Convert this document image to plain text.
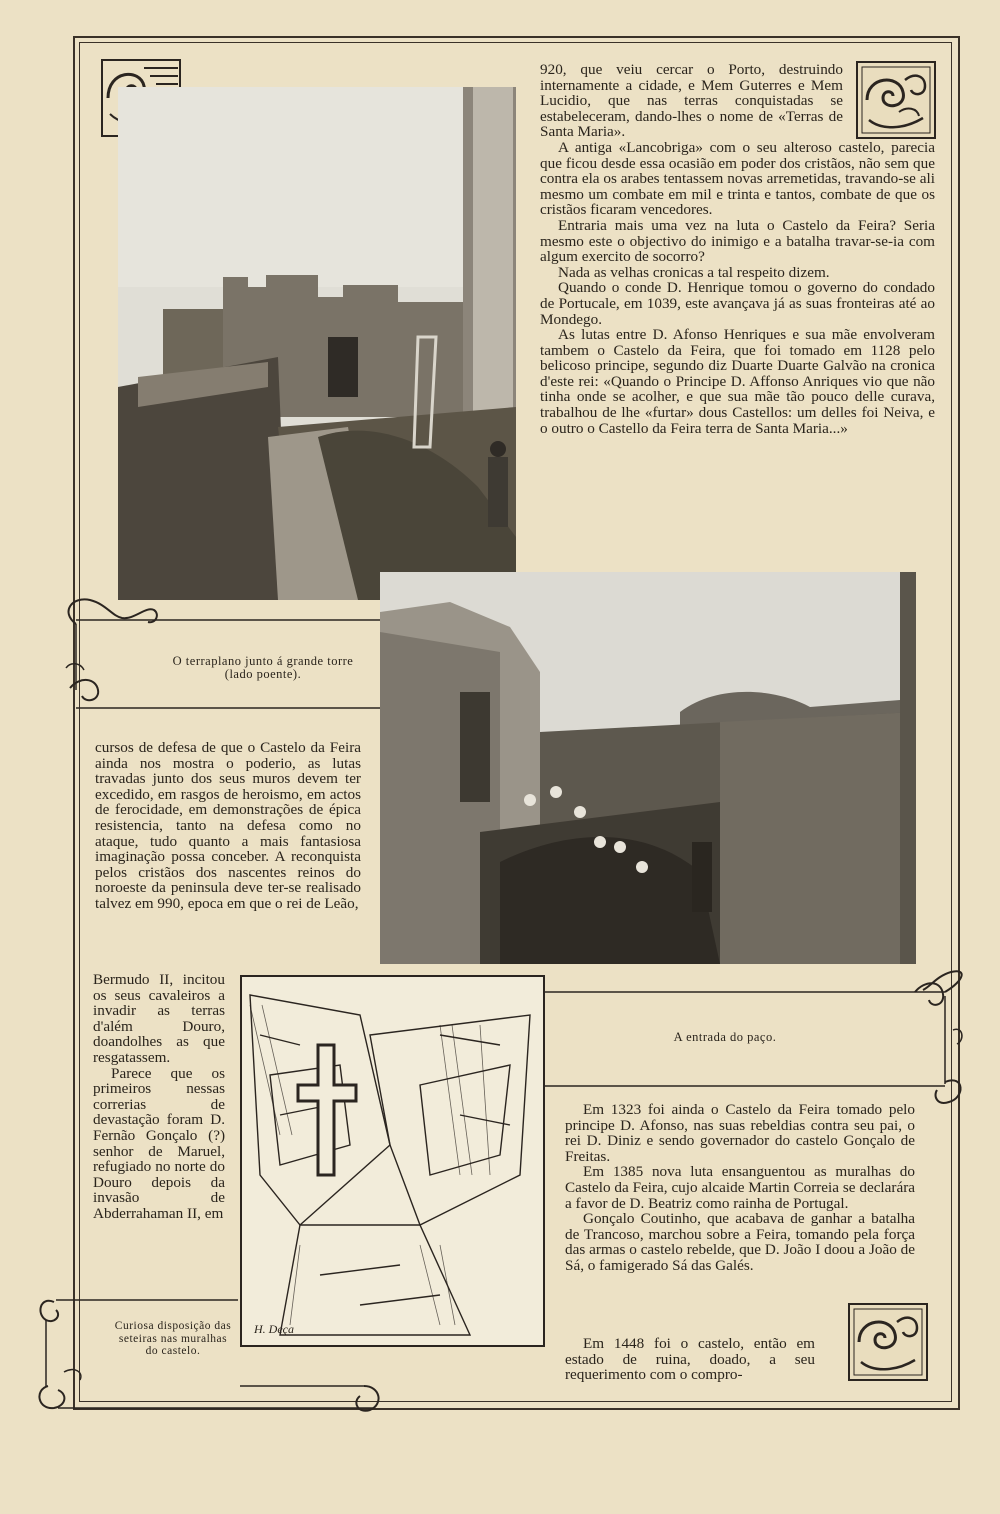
920, que veiu cercar o Porto, destruindo internamente a cidade, e Mem Guterres e Mem Lucidio, que nas terras conquistadas se estabeleceram, dando-lhes o nome de «Terras de Santa Maria».

A antiga «Lancobriga» com o seu alteroso castelo, parecia que ficou desde essa ocasião em poder dos cristãos, não sem que contra ela os arabes tentassem novas arremetidas, travando-se ali mesmo um combate em mil e trinta e tantos, combate de que os cristãos ficaram vencedores.

Entraria mais uma vez na luta o Castelo da Feira? Seria mesmo este o objectivo do inimigo e a batalha travar-se-ia com algum exercito de socorro?

Nada as velhas cronicas a tal respeito dizem.

Quando o conde D. Henrique tomou o governo do condado de Portucale, em 1039, este avançava já as suas fronteiras até ao Mondego.

As lutas entre D. Afonso Henriques e sua mãe envolveram tambem o Castelo da Feira, que foi tomado em 1128 pelo belicoso principe, segundo diz Duarte Duarte Galvão na cronica d'este rei: «Quando o Principe D. Affonso Anriques vio que não tinha onde se acolher, e que sua mãe tão pouco delle curava, trabalhou de lhe «furtar» dous Castellos: um delles foi Neiva, e o outro o Castello da Feira terra de Santa Maria...»

O terraplano junto á grande torre (lado poente).

cursos de defesa de que o Castelo da Feira ainda nos mostra o poderio, as lutas travadas junto dos seus muros devem ter excedido, em rasgos de heroismo, em actos de ferocidade, em demonstrações de épica resistencia, tanto na defesa como no ataque, tudo quanto a mais fantasiosa imaginação possa conceber. A reconquista pelos cristãos dos nascentes reinos do noroeste da peninsula deve ter-se realisado talvez em 990, epoca em que o rei de Leão,

Bermudo II, incitou os seus cavaleiros a invadir as terras d'além Douro, doandolhes as que resgatassem.

Parece que os primeiros nessas correrias de devastação foram D. Fernão Gonçalo (?) senhor de Maruel, refugiado no norte do Douro depois da invasão de Abderrahaman II, em

H. Deça
A entrada do paço.

Em 1323 foi ainda o Castelo da Feira tomado pelo principe D. Afonso, nas suas rebeldias contra seu pai, o rei D. Diniz e sendo governador do castelo Gonçalo de Freitas.

Em 1385 nova luta ensanguentou as muralhas do Castelo da Feira, cujo alcaide Martin Correia se declarára a favor de D. Beatriz como rainha de Portugal.

Gonçalo Coutinho, que acabava de ganhar a batalha de Trancoso, marchou sobre a Feira, tomando pela força das armas o castelo rebelde, que D. João I doou a João de Sá, o famigerado Sá das Galés.

Em 1448 foi o castelo, então em estado de ruina, doado, a seu requerimento com o compro-

Curiosa disposição das seteiras nas muralhas do castelo.
